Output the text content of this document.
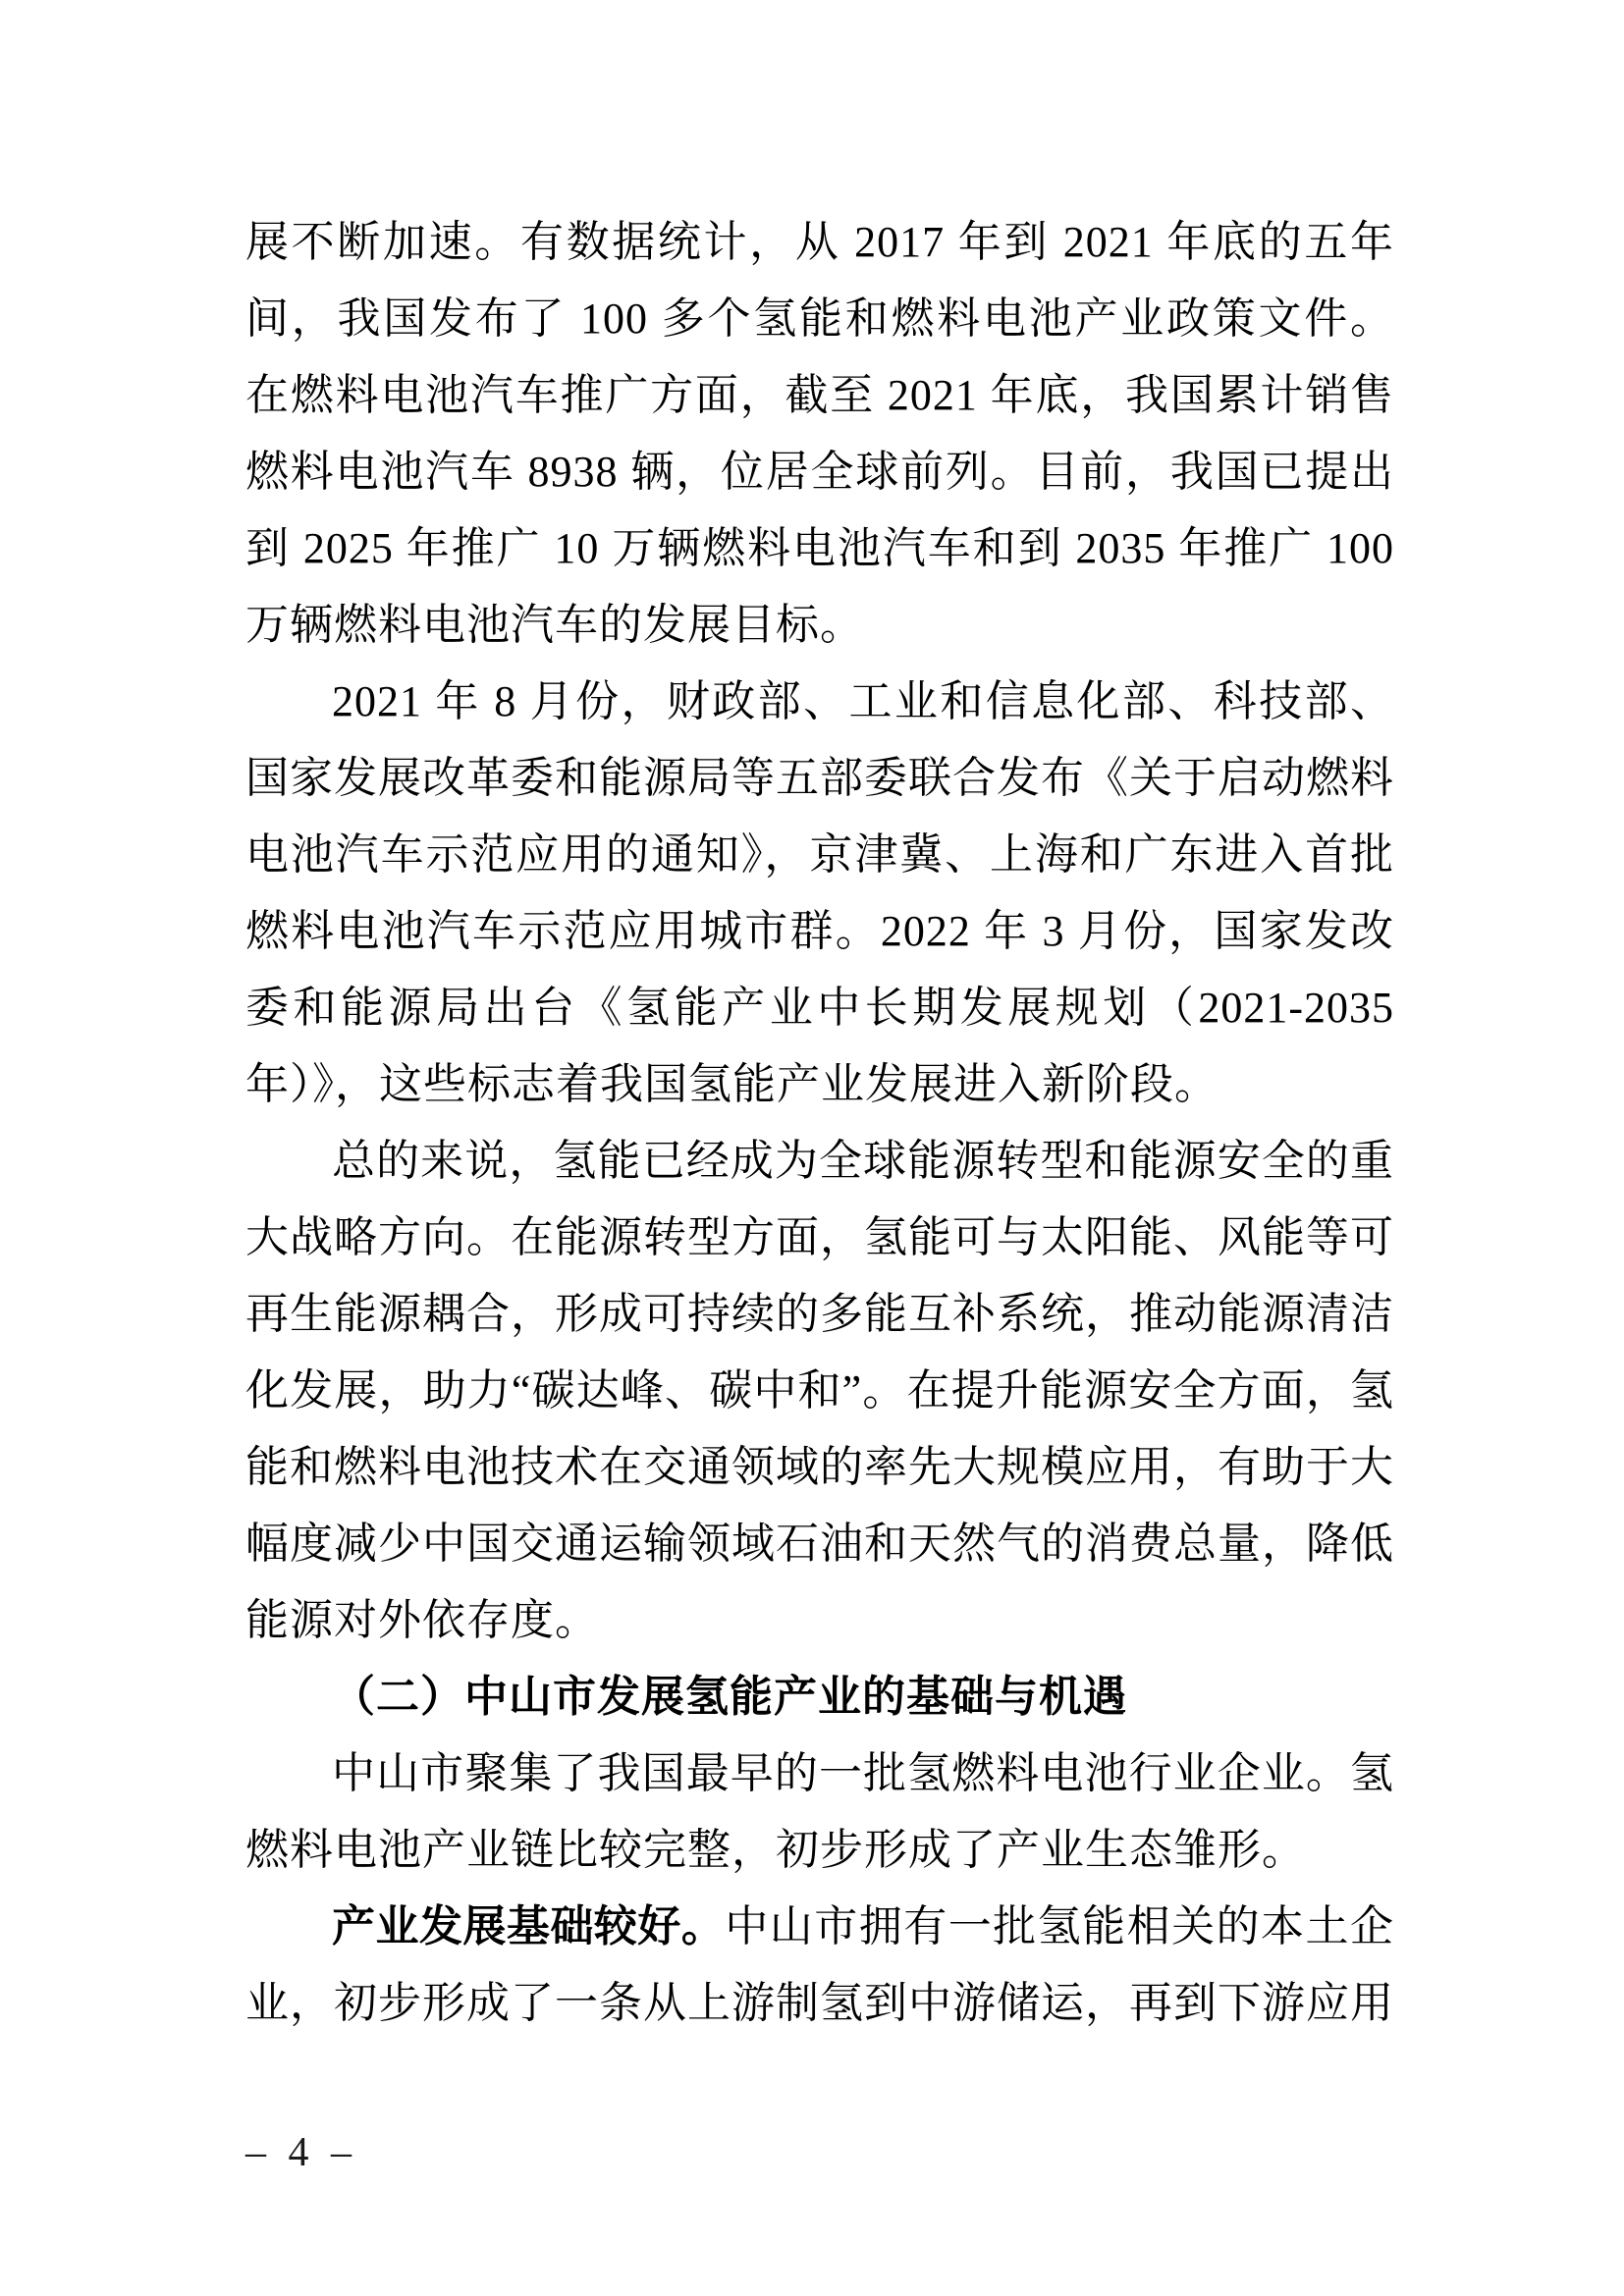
展不断加速。有数据统计，从 2017 年到 2021 年底的五年间，我国发布了 100 多个氢能和燃料电池产业政策文件。在燃料电池汽车推广方面，截至 2021 年底，我国累计销售燃料电池汽车 8938 辆，位居全球前列。目前，我国已提出到 2025 年推广 10 万辆燃料电池汽车和到 2035 年推广 100 万辆燃料电池汽车的发展目标。

2021 年 8 月份，财政部、工业和信息化部、科技部、国家发展改革委和能源局等五部委联合发布《关于启动燃料电池汽车示范应用的通知》，京津冀、上海和广东进入首批燃料电池汽车示范应用城市群。2022 年 3 月份，国家发改委和能源局出台《氢能产业中长期发展规划（2021-2035 年）》，这些标志着我国氢能产业发展进入新阶段。

总的来说，氢能已经成为全球能源转型和能源安全的重大战略方向。在能源转型方面，氢能可与太阳能、风能等可再生能源耦合，形成可持续的多能互补系统，推动能源清洁化发展，助力“碳达峰、碳中和”。在提升能源安全方面，氢能和燃料电池技术在交通领域的率先大规模应用，有助于大幅度减少中国交通运输领域石油和天然气的消费总量，降低能源对外依存度。

（二）中山市发展氢能产业的基础与机遇

中山市聚集了我国最早的一批氢燃料电池行业企业。氢燃料电池产业链比较完整，初步形成了产业生态雏形。

产业发展基础较好。中山市拥有一批氢能相关的本土企业，初步形成了一条从上游制氢到中游储运，再到下游应用

– 4 –
